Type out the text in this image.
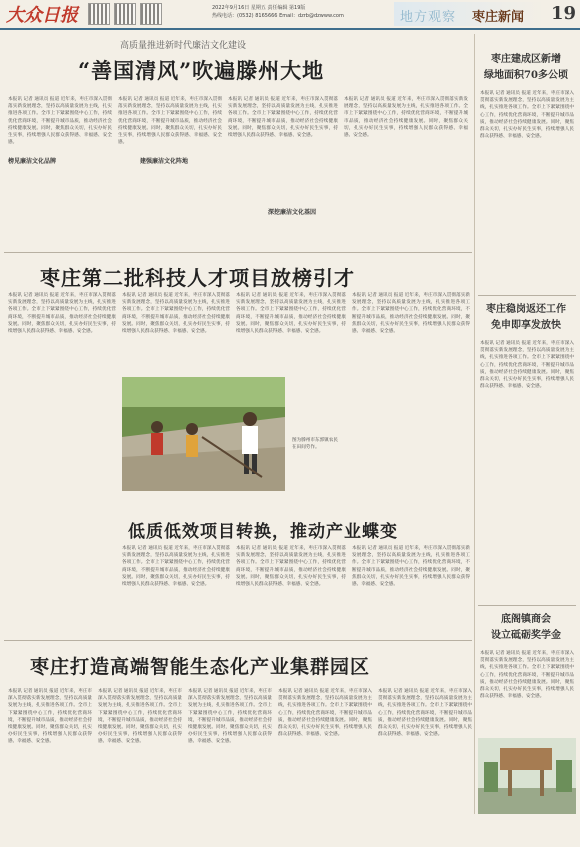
大众日报	2022年9月16日 星期五 责任编辑 第19版
热线电话：(0532) 8165666 Email：dzrb@dzwww.com	地方观察 枣庄新闻 19
高质量推进新时代廉洁文化建设
“善国清风”吹遍滕州大地
本报讯 记者 通讯员 报道 近年来，枣庄市深入贯彻落实新发展理念，坚持以高质量发展为主线，扎实推进各项工作。全市上下紧紧围绕中心工作，持续优化营商环境，不断提升城市品质，推动经济社会持续健康发展。同时，聚焦群众关切，扎实办好民生实事，持续增强人民群众获得感、幸福感、安全感。
榜见廉洁文化品牌
本报讯 记者 通讯员 报道 近年来，枣庄市深入贯彻落实新发展理念，坚持以高质量发展为主线，扎实推进各项工作。全市上下紧紧围绕中心工作，持续优化营商环境，不断提升城市品质，推动经济社会持续健康发展。同时，聚焦群众关切，扎实办好民生实事，持续增强人民群众获得感、幸福感、安全感。
建强廉洁文化阵地
本报讯 记者 通讯员 报道 近年来，枣庄市深入贯彻落实新发展理念，坚持以高质量发展为主线，扎实推进各项工作。全市上下紧紧围绕中心工作，持续优化营商环境，不断提升城市品质，推动经济社会持续健康发展。同时，聚焦群众关切，扎实办好民生实事，持续增强人民群众获得感、幸福感、安全感。
深挖廉洁文化基因
本报讯 记者 通讯员 报道 近年来，枣庄市深入贯彻落实新发展理念，坚持以高质量发展为主线，扎实推进各项工作。全市上下紧紧围绕中心工作，持续优化营商环境，不断提升城市品质，推动经济社会持续健康发展。同时，聚焦群众关切，扎实办好民生实事，持续增强人民群众获得感、幸福感、安全感。
枣庄建成区新增
绿地面积70多公顷
本报讯 记者 通讯员 报道 近年来，枣庄市深入贯彻落实新发展理念，坚持以高质量发展为主线，扎实推进各项工作。全市上下紧紧围绕中心工作，持续优化营商环境，不断提升城市品质，推动经济社会持续健康发展。同时，聚焦群众关切，扎实办好民生实事，持续增强人民群众获得感、幸福感、安全感。
枣庄稳岗返还工作
免申即享发放快
本报讯 记者 通讯员 报道 近年来，枣庄市深入贯彻落实新发展理念，坚持以高质量发展为主线，扎实推进各项工作。全市上下紧紧围绕中心工作，持续优化营商环境，不断提升城市品质，推动经济社会持续健康发展。同时，聚焦群众关切，扎实办好民生实事，持续增强人民群众获得感、幸福感、安全感。
底阁镇商会
设立砥砺奖学金
本报讯 记者 通讯员 报道 近年来，枣庄市深入贯彻落实新发展理念，坚持以高质量发展为主线，扎实推进各项工作。全市上下紧紧围绕中心工作，持续优化营商环境，不断提升城市品质，推动经济社会持续健康发展。同时，聚焦群众关切，扎实办好民生实事，持续增强人民群众获得感、幸福感、安全感。
枣庄第二批科技人才项目放榜引才
本报讯 记者 通讯员 报道 近年来，枣庄市深入贯彻落实新发展理念，坚持以高质量发展为主线，扎实推进各项工作。全市上下紧紧围绕中心工作，持续优化营商环境，不断提升城市品质，推动经济社会持续健康发展。同时，聚焦群众关切，扎实办好民生实事，持续增强人民群众获得感、幸福感、安全感。
本报讯 记者 通讯员 报道 近年来，枣庄市深入贯彻落实新发展理念，坚持以高质量发展为主线，扎实推进各项工作。全市上下紧紧围绕中心工作，持续优化营商环境，不断提升城市品质，推动经济社会持续健康发展。同时，聚焦群众关切，扎实办好民生实事，持续增强人民群众获得感、幸福感、安全感。
本报讯 记者 通讯员 报道 近年来，枣庄市深入贯彻落实新发展理念，坚持以高质量发展为主线，扎实推进各项工作。全市上下紧紧围绕中心工作，持续优化营商环境，不断提升城市品质，推动经济社会持续健康发展。同时，聚焦群众关切，扎实办好民生实事，持续增强人民群众获得感、幸福感、安全感。
本报讯 记者 通讯员 报道 近年来，枣庄市深入贯彻落实新发展理念，坚持以高质量发展为主线，扎实推进各项工作。全市上下紧紧围绕中心工作，持续优化营商环境，不断提升城市品质，推动经济社会持续健康发展。同时，聚焦群众关切，扎实办好民生实事，持续增强人民群众获得感、幸福感、安全感。
图为滕州市东郭镇农民在田间劳作。
低质低效项目转换，推动产业蝶变
本报讯 记者 通讯员 报道 近年来，枣庄市深入贯彻落实新发展理念，坚持以高质量发展为主线，扎实推进各项工作。全市上下紧紧围绕中心工作，持续优化营商环境，不断提升城市品质，推动经济社会持续健康发展。同时，聚焦群众关切，扎实办好民生实事，持续增强人民群众获得感、幸福感、安全感。
本报讯 记者 通讯员 报道 近年来，枣庄市深入贯彻落实新发展理念，坚持以高质量发展为主线，扎实推进各项工作。全市上下紧紧围绕中心工作，持续优化营商环境，不断提升城市品质，推动经济社会持续健康发展。同时，聚焦群众关切，扎实办好民生实事，持续增强人民群众获得感、幸福感、安全感。
本报讯 记者 通讯员 报道 近年来，枣庄市深入贯彻落实新发展理念，坚持以高质量发展为主线，扎实推进各项工作。全市上下紧紧围绕中心工作，持续优化营商环境，不断提升城市品质，推动经济社会持续健康发展。同时，聚焦群众关切，扎实办好民生实事，持续增强人民群众获得感、幸福感、安全感。
枣庄打造高端智能生态化产业集群园区
本报讯 记者 通讯员 报道 近年来，枣庄市深入贯彻落实新发展理念，坚持以高质量发展为主线，扎实推进各项工作。全市上下紧紧围绕中心工作，持续优化营商环境，不断提升城市品质，推动经济社会持续健康发展。同时，聚焦群众关切，扎实办好民生实事，持续增强人民群众获得感、幸福感、安全感。
本报讯 记者 通讯员 报道 近年来，枣庄市深入贯彻落实新发展理念，坚持以高质量发展为主线，扎实推进各项工作。全市上下紧紧围绕中心工作，持续优化营商环境，不断提升城市品质，推动经济社会持续健康发展。同时，聚焦群众关切，扎实办好民生实事，持续增强人民群众获得感、幸福感、安全感。
本报讯 记者 通讯员 报道 近年来，枣庄市深入贯彻落实新发展理念，坚持以高质量发展为主线，扎实推进各项工作。全市上下紧紧围绕中心工作，持续优化营商环境，不断提升城市品质，推动经济社会持续健康发展。同时，聚焦群众关切，扎实办好民生实事，持续增强人民群众获得感、幸福感、安全感。
本报讯 记者 通讯员 报道 近年来，枣庄市深入贯彻落实新发展理念，坚持以高质量发展为主线，扎实推进各项工作。全市上下紧紧围绕中心工作，持续优化营商环境，不断提升城市品质，推动经济社会持续健康发展。同时，聚焦群众关切，扎实办好民生实事，持续增强人民群众获得感、幸福感、安全感。
本报讯 记者 通讯员 报道 近年来，枣庄市深入贯彻落实新发展理念，坚持以高质量发展为主线，扎实推进各项工作。全市上下紧紧围绕中心工作，持续优化营商环境，不断提升城市品质，推动经济社会持续健康发展。同时，聚焦群众关切，扎实办好民生实事，持续增强人民群众获得感、幸福感、安全感。
